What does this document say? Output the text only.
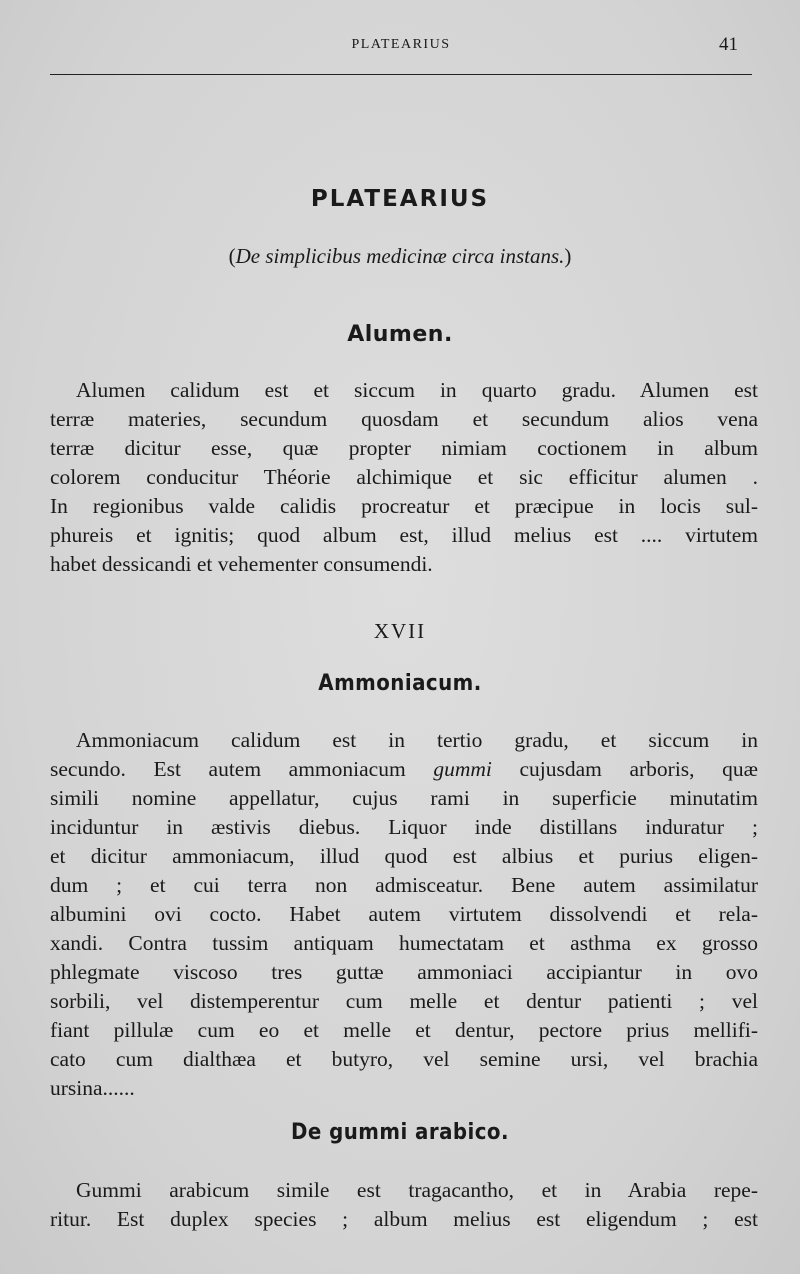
PLATEARIUS	41
PLATEARIUS
(De simplicibus medicinæ circa instans.)
Alumen.
Alumen calidum est et siccum in quarto gradu. Alumen est
terræ materies, secundum quosdam et secundum alios vena
terræ dicitur esse, quæ propter nimiam coctionem in album
colorem conducitur Théorie alchimique et sic efficitur alumen .
In regionibus valde calidis procreatur et præcipue in locis sul-
phureis et ignitis; quod album est, illud melius est .... virtutem
habet dessicandi et vehementer consumendi.
XVII
Ammoniacum.
Ammoniacum calidum est in tertio gradu, et siccum in
secundo. Est autem ammoniacum gummi cujusdam arboris, quæ
simili nomine appellatur, cujus rami in superficie minutatim
inciduntur in æstivis diebus. Liquor inde distillans induratur ;
et dicitur ammoniacum, illud quod est albius et purius eligen-
dum ; et cui terra non admisceatur. Bene autem assimilatur
albumini ovi cocto. Habet autem virtutem dissolvendi et rela-
xandi. Contra tussim antiquam humectatam et asthma ex grosso
phlegmate viscoso tres guttæ ammoniaci accipiantur in ovo
sorbili, vel distemperentur cum melle et dentur patienti ; vel
fiant pillulæ cum eo et melle et dentur, pectore prius mellifi-
cato cum dialthæa et butyro, vel semine ursi, vel brachia
ursina......
De gummi arabico.
Gummi arabicum simile est tragacantho, et in Arabia repe-
ritur. Est duplex species ; album melius est eligendum ; est
